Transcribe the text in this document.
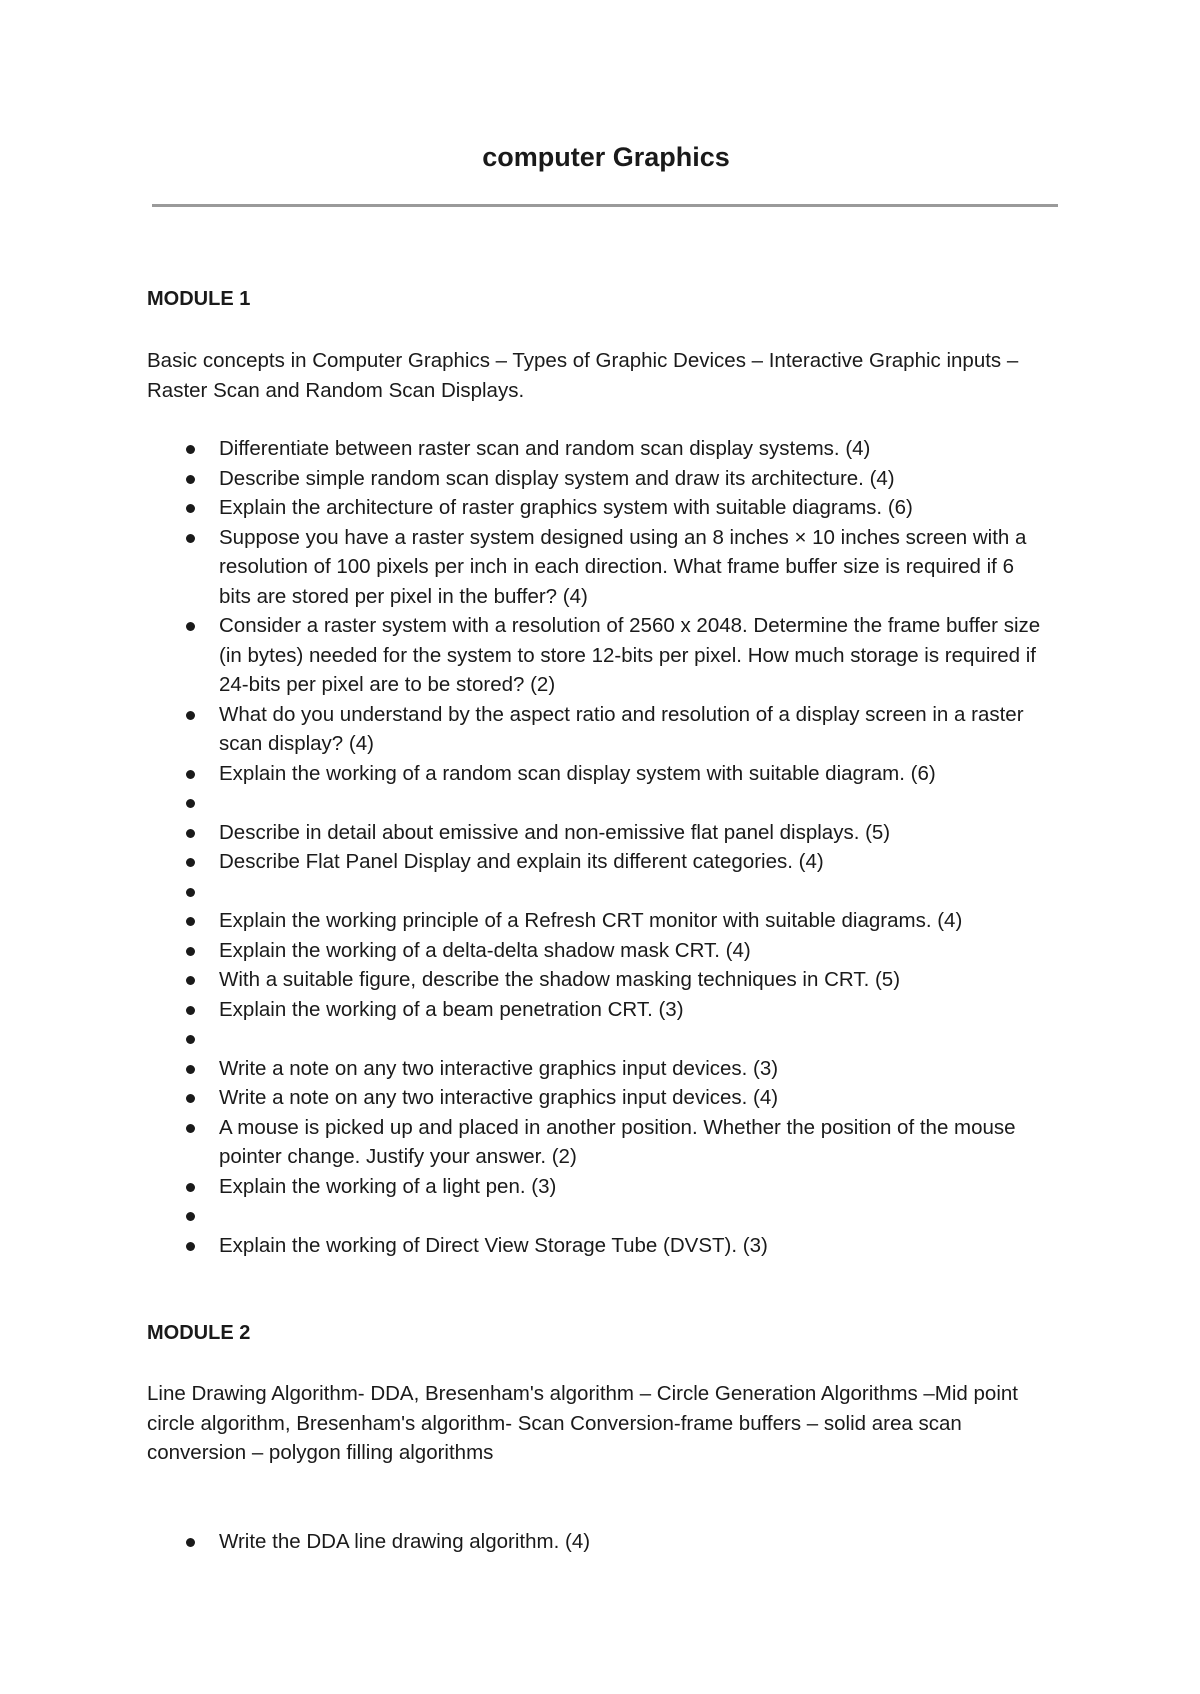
computer Graphics
MODULE 1

Basic concepts in Computer Graphics – Types of Graphic Devices – Interactive Graphic inputs – Raster Scan and Random Scan Displays.

Differentiate between raster scan and random scan display systems. (4)
Describe simple random scan display system and draw its architecture. (4)
Explain the architecture of raster graphics system with suitable diagrams. (6)
Suppose you have a raster system designed using an 8 inches × 10 inches screen with a resolution of 100 pixels per inch in each direction. What frame buffer size is required if 6 bits are stored per pixel in the buffer? (4)
Consider a raster system with a resolution of 2560 x 2048. Determine the frame buffer size (in bytes) needed for the system to store 12-bits per pixel. How much storage is required if 24-bits per pixel are to be stored? (2)
What do you understand by the aspect ratio and resolution of a display screen in a raster scan display? (4)
Explain the working of a random scan display system with suitable diagram. (6)
Describe in detail about emissive and non-emissive flat panel displays. (5)
Describe Flat Panel Display and explain its different categories. (4)
Explain the working principle of a Refresh CRT monitor with suitable diagrams. (4)
Explain the working of a delta-delta shadow mask CRT. (4)
With a suitable figure, describe the shadow masking techniques in CRT. (5)
Explain the working of a beam penetration CRT. (3)
Write a note on any two interactive graphics input devices. (3)
Write a note on any two interactive graphics input devices. (4)
A mouse is picked up and placed in another position. Whether the position of the mouse pointer change. Justify your answer. (2)
Explain the working of a light pen. (3)
Explain the working of Direct View Storage Tube (DVST). (3)
MODULE 2

Line Drawing Algorithm- DDA, Bresenham's algorithm – Circle Generation Algorithms –Mid point circle algorithm, Bresenham's algorithm- Scan Conversion-frame buffers – solid area scan conversion – polygon filling algorithms

Write the DDA line drawing algorithm. (4)
